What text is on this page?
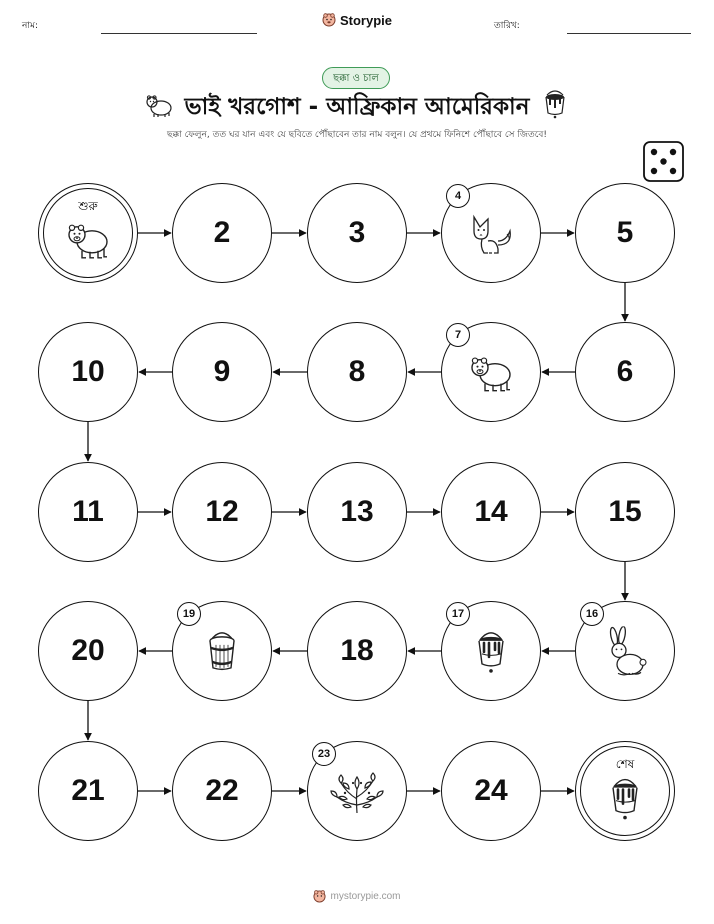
নাম:	Storypie	তারিখ:
ছক্কা ও চাল
ভাই খরগোশ - আফ্রিকান আমেরিকান
ছক্কা ফেলুন, তত ঘর যান এবং যে ছবিতে পৌঁছাবেন তার নাম বলুন। যে প্রথমে ফিনিশে পৌঁছাবে সে জিতবে!
শুরু
2	3
4
5
6
7
8
9
10
11	12	13	14	15
16
17
18
19
20
21	22
23
24
শেষ
mystorypie.com
